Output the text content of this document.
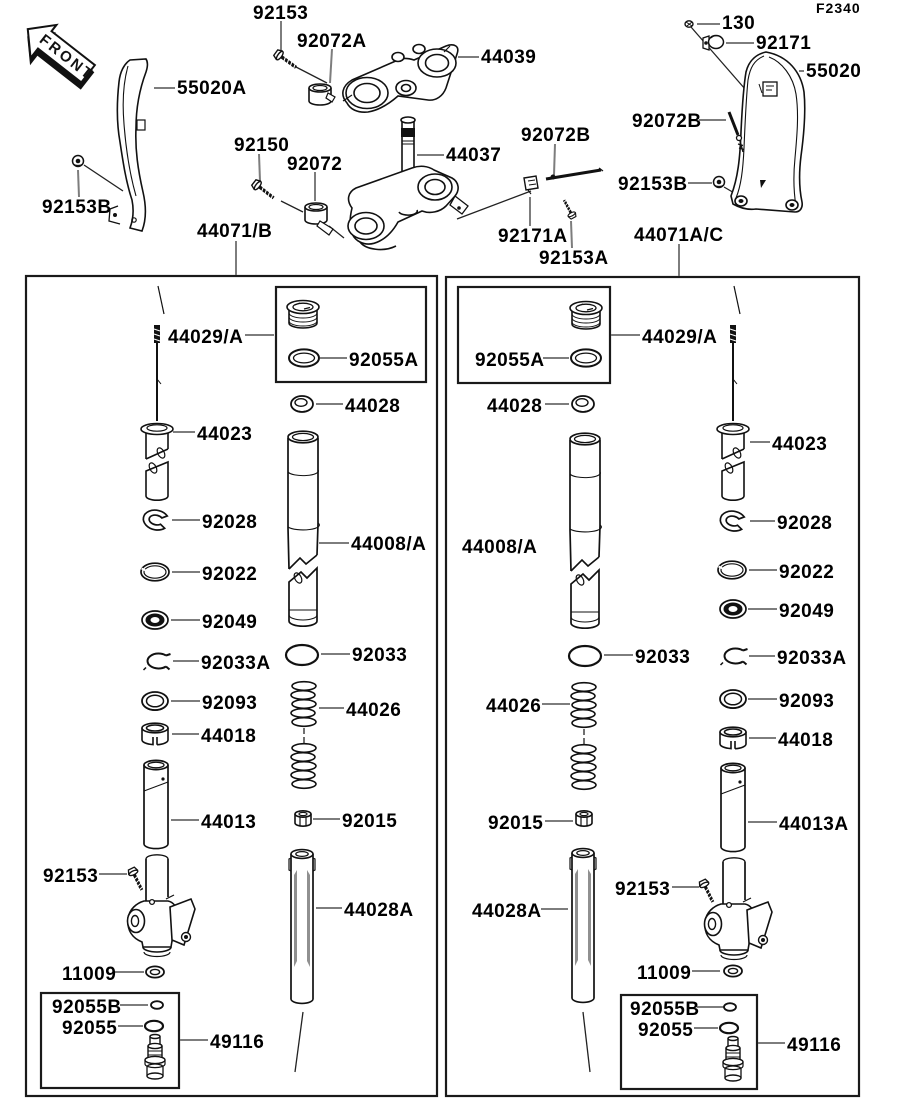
FRONT
F2340
92153
92072A
44039
55020A
92153B
92150
92072	44037
92072B
92171A
92153A
130
92171
55020
92072B
92153B
44071/B	44071A/C
44029/A
92055A
44028
44023
92028
92022
92049
92033A
92093
44018
44008/A
92033
44026
92015
44013
44028A
92153
11009
92055B
92055
49116
92055A
44029/A
44028
44008/A
44023
92028
92022
92049
92033	92033A
44026	92093
44018
92015	44013A
44028A
92153
11009
92055B
92055
49116
